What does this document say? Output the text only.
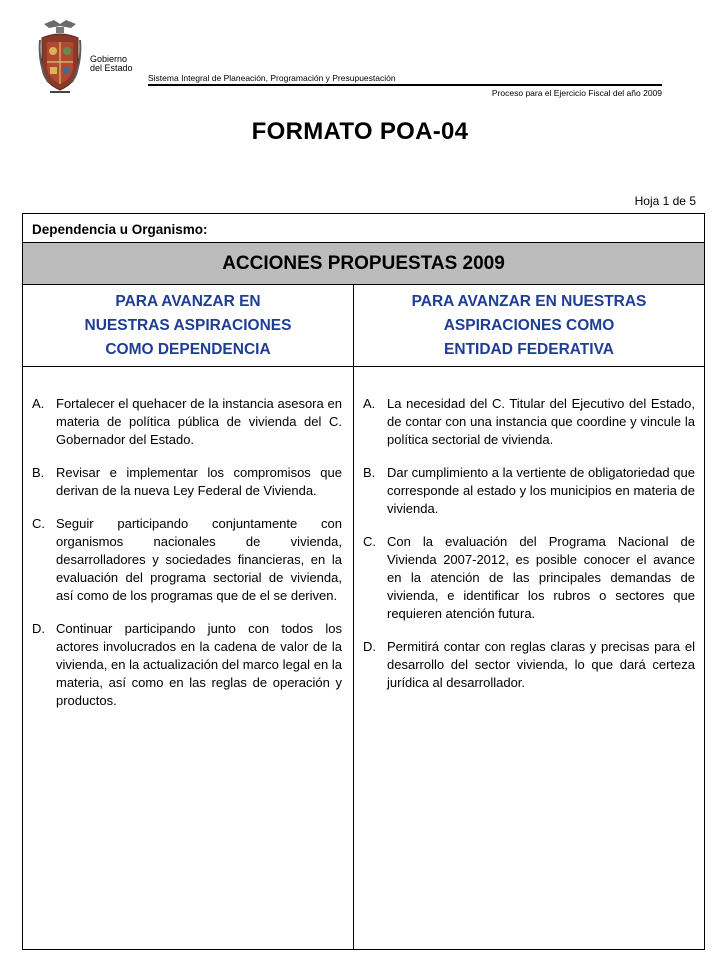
Gobierno
del Estado
Sistema Integral de Planeación, Programación y Presupuestación
Proceso para el Ejercicio Fiscal del año 2009
FORMATO POA-04
Hoja 1 de 5
Dependencia u Organismo:
ACCIONES PROPUESTAS 2009
PARA AVANZAR EN
NUESTRAS ASPIRACIONES
COMO DEPENDENCIA
PARA AVANZAR EN NUESTRAS
ASPIRACIONES COMO
ENTIDAD FEDERATIVA
A. Fortalecer el quehacer de la instancia asesora en materia de política pública de vivienda del C. Gobernador del Estado.
B. Revisar e implementar los compromisos que derivan de la nueva Ley Federal de Vivienda.
C. Seguir participando conjuntamente con organismos nacionales de vivienda, desarrolladores y sociedades financieras, en la evaluación del programa sectorial de vivienda, así como de los programas que de el se deriven.
D. Continuar participando junto con todos los actores involucrados en la cadena de valor de la vivienda, en la actualización del marco legal en la materia, así como en las reglas de operación y productos.
A. La necesidad del C. Titular del Ejecutivo del Estado, de contar con una instancia que coordine y vincule la política sectorial de vivienda.
B. Dar cumplimiento a la vertiente de obligatoriedad que corresponde al estado y los municipios en materia de vivienda.
C. Con la evaluación del Programa Nacional de Vivienda 2007-2012, es posible conocer el avance en la atención de las principales demandas de vivienda, e identificar los rubros o sectores que requieren atención futura.
D. Permitirá contar con reglas claras y precisas para el desarrollo del sector vivienda, lo que dará certeza jurídica al desarrollador.
